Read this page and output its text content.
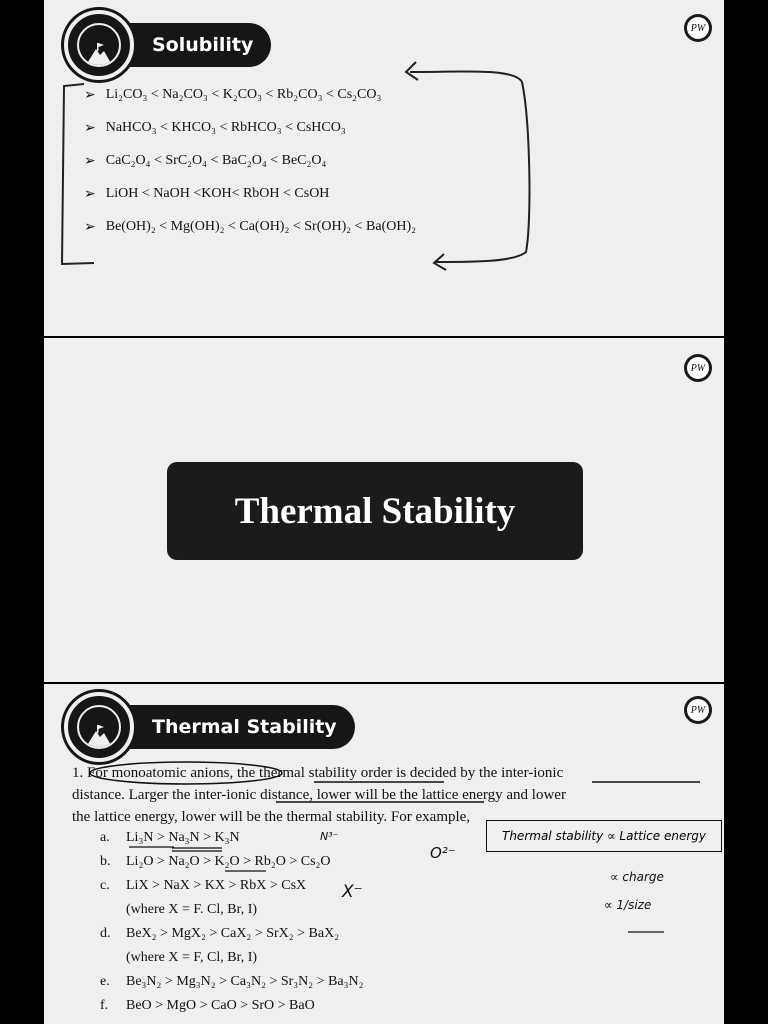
PW
Solubility
➢ Li₂CO₃ < Na₂CO₃ < K₂CO₃ < Rb₂CO₃ < Cs₂CO₃
➢ NaHCO₃ < KHCO₃ < RbHCO₃ < CsHCO₃
➢ CaC₂O₄ < SrC₂O₄ < BaC₂O₄ < BeC₂O₄
➢ LiOH < NaOH <KOH< RbOH < CsOH
➢ Be(OH)₂ < Mg(OH)₂ < Ca(OH)₂ < Sr(OH)₂ < Ba(OH)₂
PW
Thermal Stability
PW
Thermal Stability

1. For monoatomic anions, the thermal stability order is decided by the inter-ionic

distance. Larger the inter-ionic distance, lower will be the lattice energy and lower

the lattice energy, lower will be the thermal stability. For example,

a.	Li₃N > Na₃N > K₃N
b.	Li₂O > Na₂O > K₂O > Rb₂O > Cs₂O
c.	LiX > NaX > KX > RbX > CsX
(where X = F. Cl, Br, I)
d.	BeX₂ > MgX₂ > CaX₂ > SrX₂ > BaX₂
(where X = F, Cl, Br, I)
e.	Be₃N₂ > Mg₃N₂ > Ca₃N₂ > Sr₃N₂ > Ba₃N₂
f.	BeO > MgO > CaO > SrO > BaO
N³⁻
O²⁻
X⁻
Thermal stability ∝ Lattice energy
∝ charge
∝ 1/size
